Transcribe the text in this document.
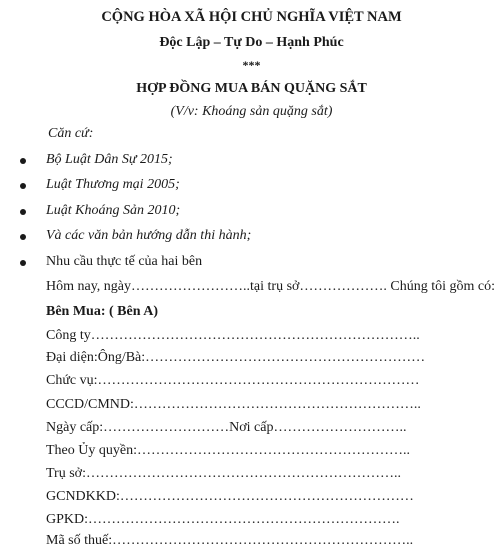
CỘNG HÒA XÃ HỘI CHỦ NGHĨA VIỆT NAM
Độc Lập – Tự Do – Hạnh Phúc
***
HỢP ĐỒNG MUA BÁN QUẶNG SẮT
(V/v: Khoáng sản quặng sắt)
Căn cứ:
Bộ Luật Dân Sự 2015;
Luật Thương mại 2005;
Luật Khoáng Sản 2010;
Và các văn bản hướng dẫn thi hành;
Nhu cầu thực tế của hai bên
Hôm nay, ngày……………………..tại trụ sở………………. Chúng tôi gồm có:
Bên Mua: ( Bên A)
Công ty……………………………………………………………..
Đại diện:Ông/Bà:……………………………………………………
Chức vụ:……………………………………………………………
CCCD/CMND:……………………………………………………..
Ngày cấp:………………………Nơi cấp………………………..
Theo Ủy quyền:…………………………………………………..
Trụ sở:…………………………………………………………..
GCNDKKD:………………………………………………………
GPKD:………………………………………………………….
Mã số thuế:………………………………………………………..
